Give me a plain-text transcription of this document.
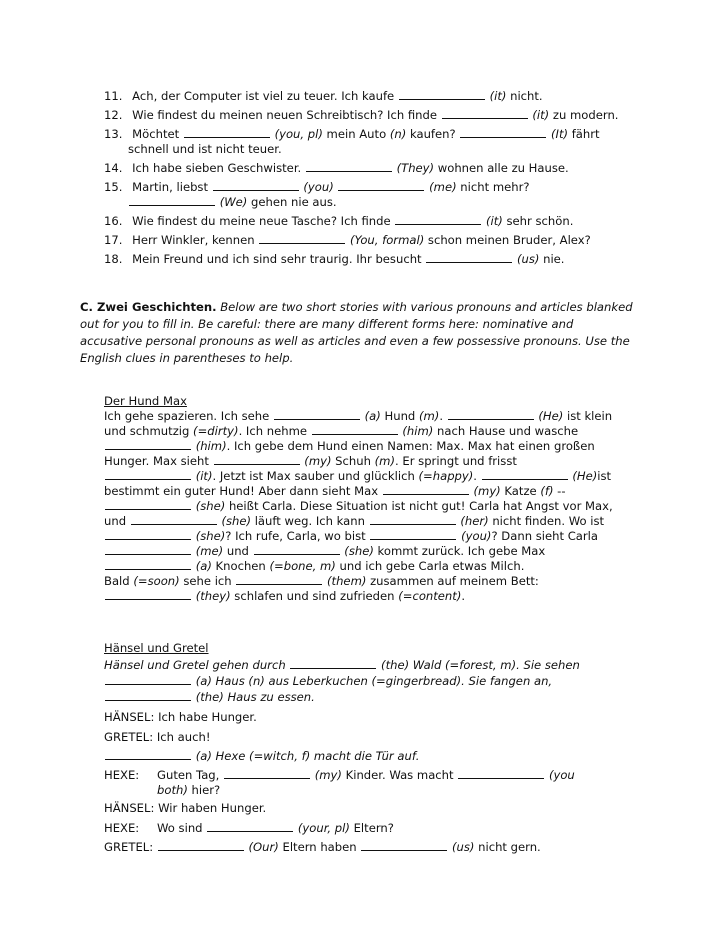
11. Ach, der Computer ist viel zu teuer. Ich kaufe	(it) nicht.
12. Wie findest du meinen neuen Schreibtisch? Ich finde	(it) zu modern.
13. Möchtet	(you, pl) mein Auto (n) kaufen?	(It) fährt
schnell und ist nicht teuer.
14. Ich habe sieben Geschwister.	(They) wohnen alle zu Hause.
15. Martin, liebst	(you)	(me) nicht mehr?
(We) gehen nie aus.
16. Wie findest du meine neue Tasche? Ich finde	(it) sehr schön.
17. Herr Winkler, kennen	(You, formal) schon meinen Bruder, Alex?
18. Mein Freund und ich sind sehr traurig. Ihr besucht	(us) nie.
C. Zwei Geschichten. Below are two short stories with various pronouns and articles blanked
out for you to fill in. Be careful: there are many different forms here: nominative and
accusative personal pronouns as well as articles and even a few possessive pronouns. Use the
English clues in parentheses to help.
Der Hund Max
Ich gehe spazieren. Ich sehe	(a) Hund (m).	(He) ist klein
und schmutzig (=dirty). Ich nehme	(him) nach Hause und wasche
(him). Ich gebe dem Hund einen Namen: Max. Max hat einen großen
Hunger. Max sieht	(my) Schuh (m). Er springt und frisst
(it). Jetzt ist Max sauber und glücklich (=happy).	(He)ist
bestimmt ein guter Hund! Aber dann sieht Max	(my) Katze (f) --
(she) heißt Carla. Diese Situation ist nicht gut! Carla hat Angst vor Max,
und	(she) läuft weg. Ich kann	(her) nicht finden. Wo ist
(she)? Ich rufe, Carla, wo bist	(you)? Dann sieht Carla
(me) und	(she) kommt zurück. Ich gebe Max
(a) Knochen (=bone, m) und ich gebe Carla etwas Milch.
Bald (=soon) sehe ich	(them) zusammen auf meinem Bett:
(they) schlafen und sind zufrieden (=content).
Hänsel und Gretel
Hänsel und Gretel gehen durch	(the) Wald (=forest, m). Sie sehen
(a) Haus (n) aus Leberkuchen (=gingerbread). Sie fangen an,
(the) Haus zu essen.
HÄNSEL: Ich habe Hunger.
GRETEL: Ich auch!
(a) Hexe (=witch, f) macht die Tür auf.
HEXE: Guten Tag,	(my) Kinder. Was macht	(you
both) hier?
HÄNSEL: Wir haben Hunger.
HEXE: Wo sind	(your, pl) Eltern?
GRETEL:	(Our) Eltern haben	(us) nicht gern.
